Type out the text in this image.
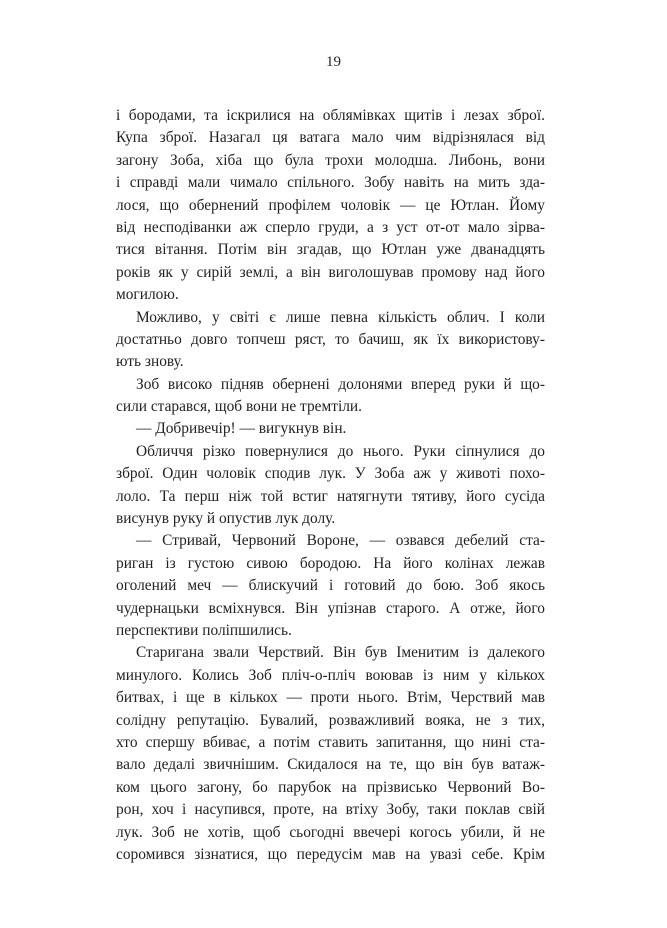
19
і бородами, та іскрилися на облямівках щитів і лезах зброї.
Купа зброї. Назагал ця ватага мало чим відрізнялася від
загону Зоба, хіба що була трохи молодша. Либонь, вони
і справді мали чимало спільного. Зобу навіть на мить зда-
лося, що обернений профілем чоловік — це Ютлан. Йому
від несподіванки аж сперло груди, а з уст от-от мало зірва-
тися вітання. Потім він згадав, що Ютлан уже дванадцять
років як у сирій землі, а він виголошував промову над його
могилою.
Можливо, у світі є лише певна кількість облич. І коли
достатньо довго топчеш ряст, то бачиш, як їх використову-
ють знову.
Зоб високо підняв обернені долонями вперед руки й що-
сили старався, щоб вони не тремтіли.
— Добривечір! — вигукнув він.
Обличчя різко повернулися до нього. Руки сіпнулися до
зброї. Один чоловік сподив лук. У Зоба аж у животі похо-
лоло. Та перш ніж той встиг натягнути тятиву, його сусіда
висунув руку й опустив лук долу.
— Стривай, Червоний Вороне, — озвався дебелий ста-
риган із густою сивою бородою. На його колінах лежав
оголений меч — блискучий і готовий до бою. Зоб якось
чудернацьки всміхнувся. Він упізнав старого. А отже, його
перспективи поліпшились.
Старигана звали Черствий. Він був Іменитим із далекого
минулого. Колись Зоб пліч-о-пліч воював із ним у кількох
битвах, і ще в кількох — проти нього. Втім, Черствий мав
солідну репутацію. Бувалий, розважливий вояка, не з тих,
хто спершу вбиває, а потім ставить запитання, що нині ста-
вало дедалі звичнішим. Скидалося на те, що він був ватаж-
ком цього загону, бо парубок на прізвисько Червоний Во-
рон, хоч і насупився, проте, на втіху Зобу, таки поклав свій
лук. Зоб не хотів, щоб сьогодні ввечері когось убили, й не
соромився зізнатися, що передусім мав на увазі себе. Крім
